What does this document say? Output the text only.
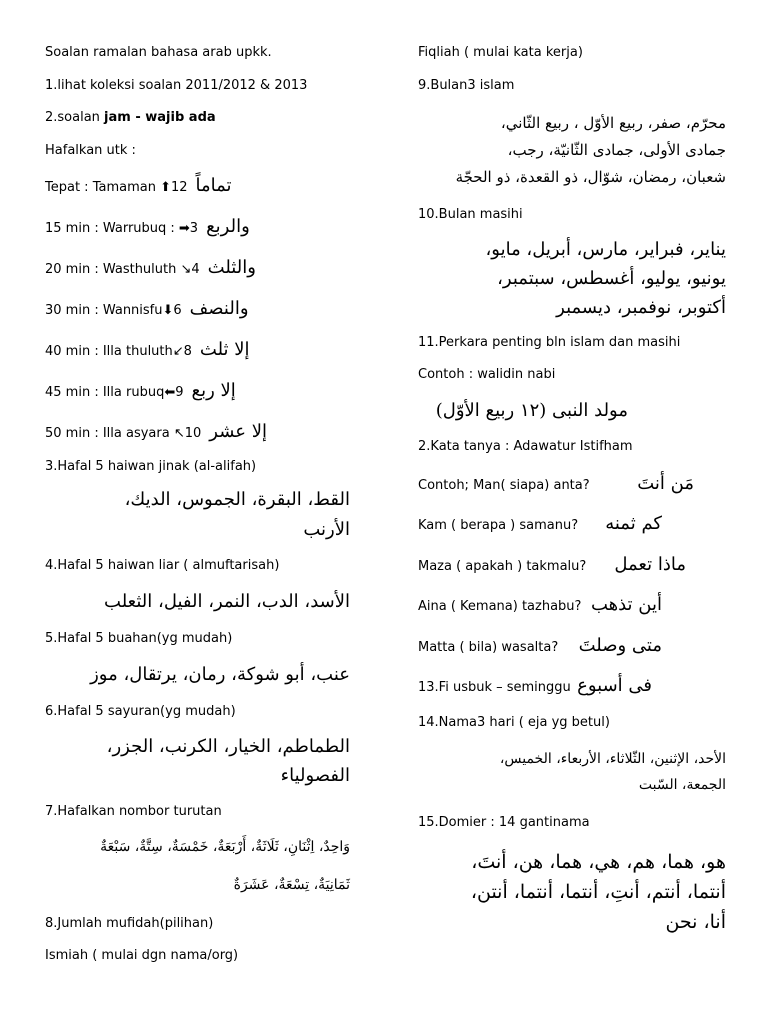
Soalan ramalan bahasa arab upkk.
1.lihat koleksi soalan 2011/2012 & 2013
2.soalan jam - wajib ada
Hafalkan utk :
Tepat : Tamaman ⬆12 تماماً
15 min : Warrubuq : ➡3 والربع
20 min : Wasthuluth ↘4 والثلث
30 min : Wannisfu⬇6 والنصف
40 min : Illa thuluth↙8 إلا ثلث
45 min : Illa rubuq⬅9 إلا ربع
50 min : Illa asyara ↖10 إلا عشر
3.Hafal 5 haiwan jinak (al-alifah)
القط، البقرة، الجموس، الديك،
الأرنب
4.Hafal 5 haiwan liar ( almuftarisah)
الأسد، الدب، النمر، الفيل، الثعلب
5.Hafal 5 buahan(yg mudah)
عنب، أبو شوكة، رمان، يرتقال، موز
6.Hafal 5 sayuran(yg mudah)
الطماطم، الخيار، الكرنب، الجزر،
الفصولياء
7.Hafalkan nombor turutan
وَاحِدٌ، اِثْنَانِ، ثَلَاثَةٌ، أَرْبَعَةٌ، خَمْسَةٌ، سِتَّةٌ، سَبْعَةٌ
ثَمَانِيَةٌ، تِسْعَةٌ، عَشَرَةٌ
8.Jumlah mufidah(pilihan)
Ismiah ( mulai dgn nama/org)
Fiqliah ( mulai kata kerja)
9.Bulan3 islam
محرّم، صفر، ربيع الأوّل ، ربيع الثّاني،
جمادى الأولى، جمادى الثّانيّة، رجب،
شعبان، رمضان، شوّال، ذو القعدة، ذو الحجّة
10.Bulan masihi
يناير، فبراير، مارس، أبريل، مايو،
يونيو، يوليو، أغسطس، سبتمبر،
أكتوبر، نوفمبر، ديسمبر
11.Perkara penting bln islam dan masihi
Contoh : walidin nabi
مولد النبى (١٢ ربيع الأوّل)
2.Kata tanya : Adawatur Istifham
Contoh; Man( siapa) anta?	مَن أنتَ
Kam ( berapa ) samanu? كم ثمنه
Maza ( apakah ) takmalu? ماذا تعمل
Aina ( Kemana) tazhabu? أين تذهب
Matta ( bila) wasalta? متى وصلتَ
13.Fi usbuk – seminggu فى أسبوع
14.Nama3 hari ( eja yg betul)
الأحد، الإثنين، الثّلاثاء، الأربعاء، الخميس،
الجمعة، السّبت
15.Domier : 14 gantinama
هو، هما، هم، هي، هما، هن، أنتَ،
أنتما، أنتم، أنتِ، أنتما، أنتما، أنتن،
أنا، نحن
